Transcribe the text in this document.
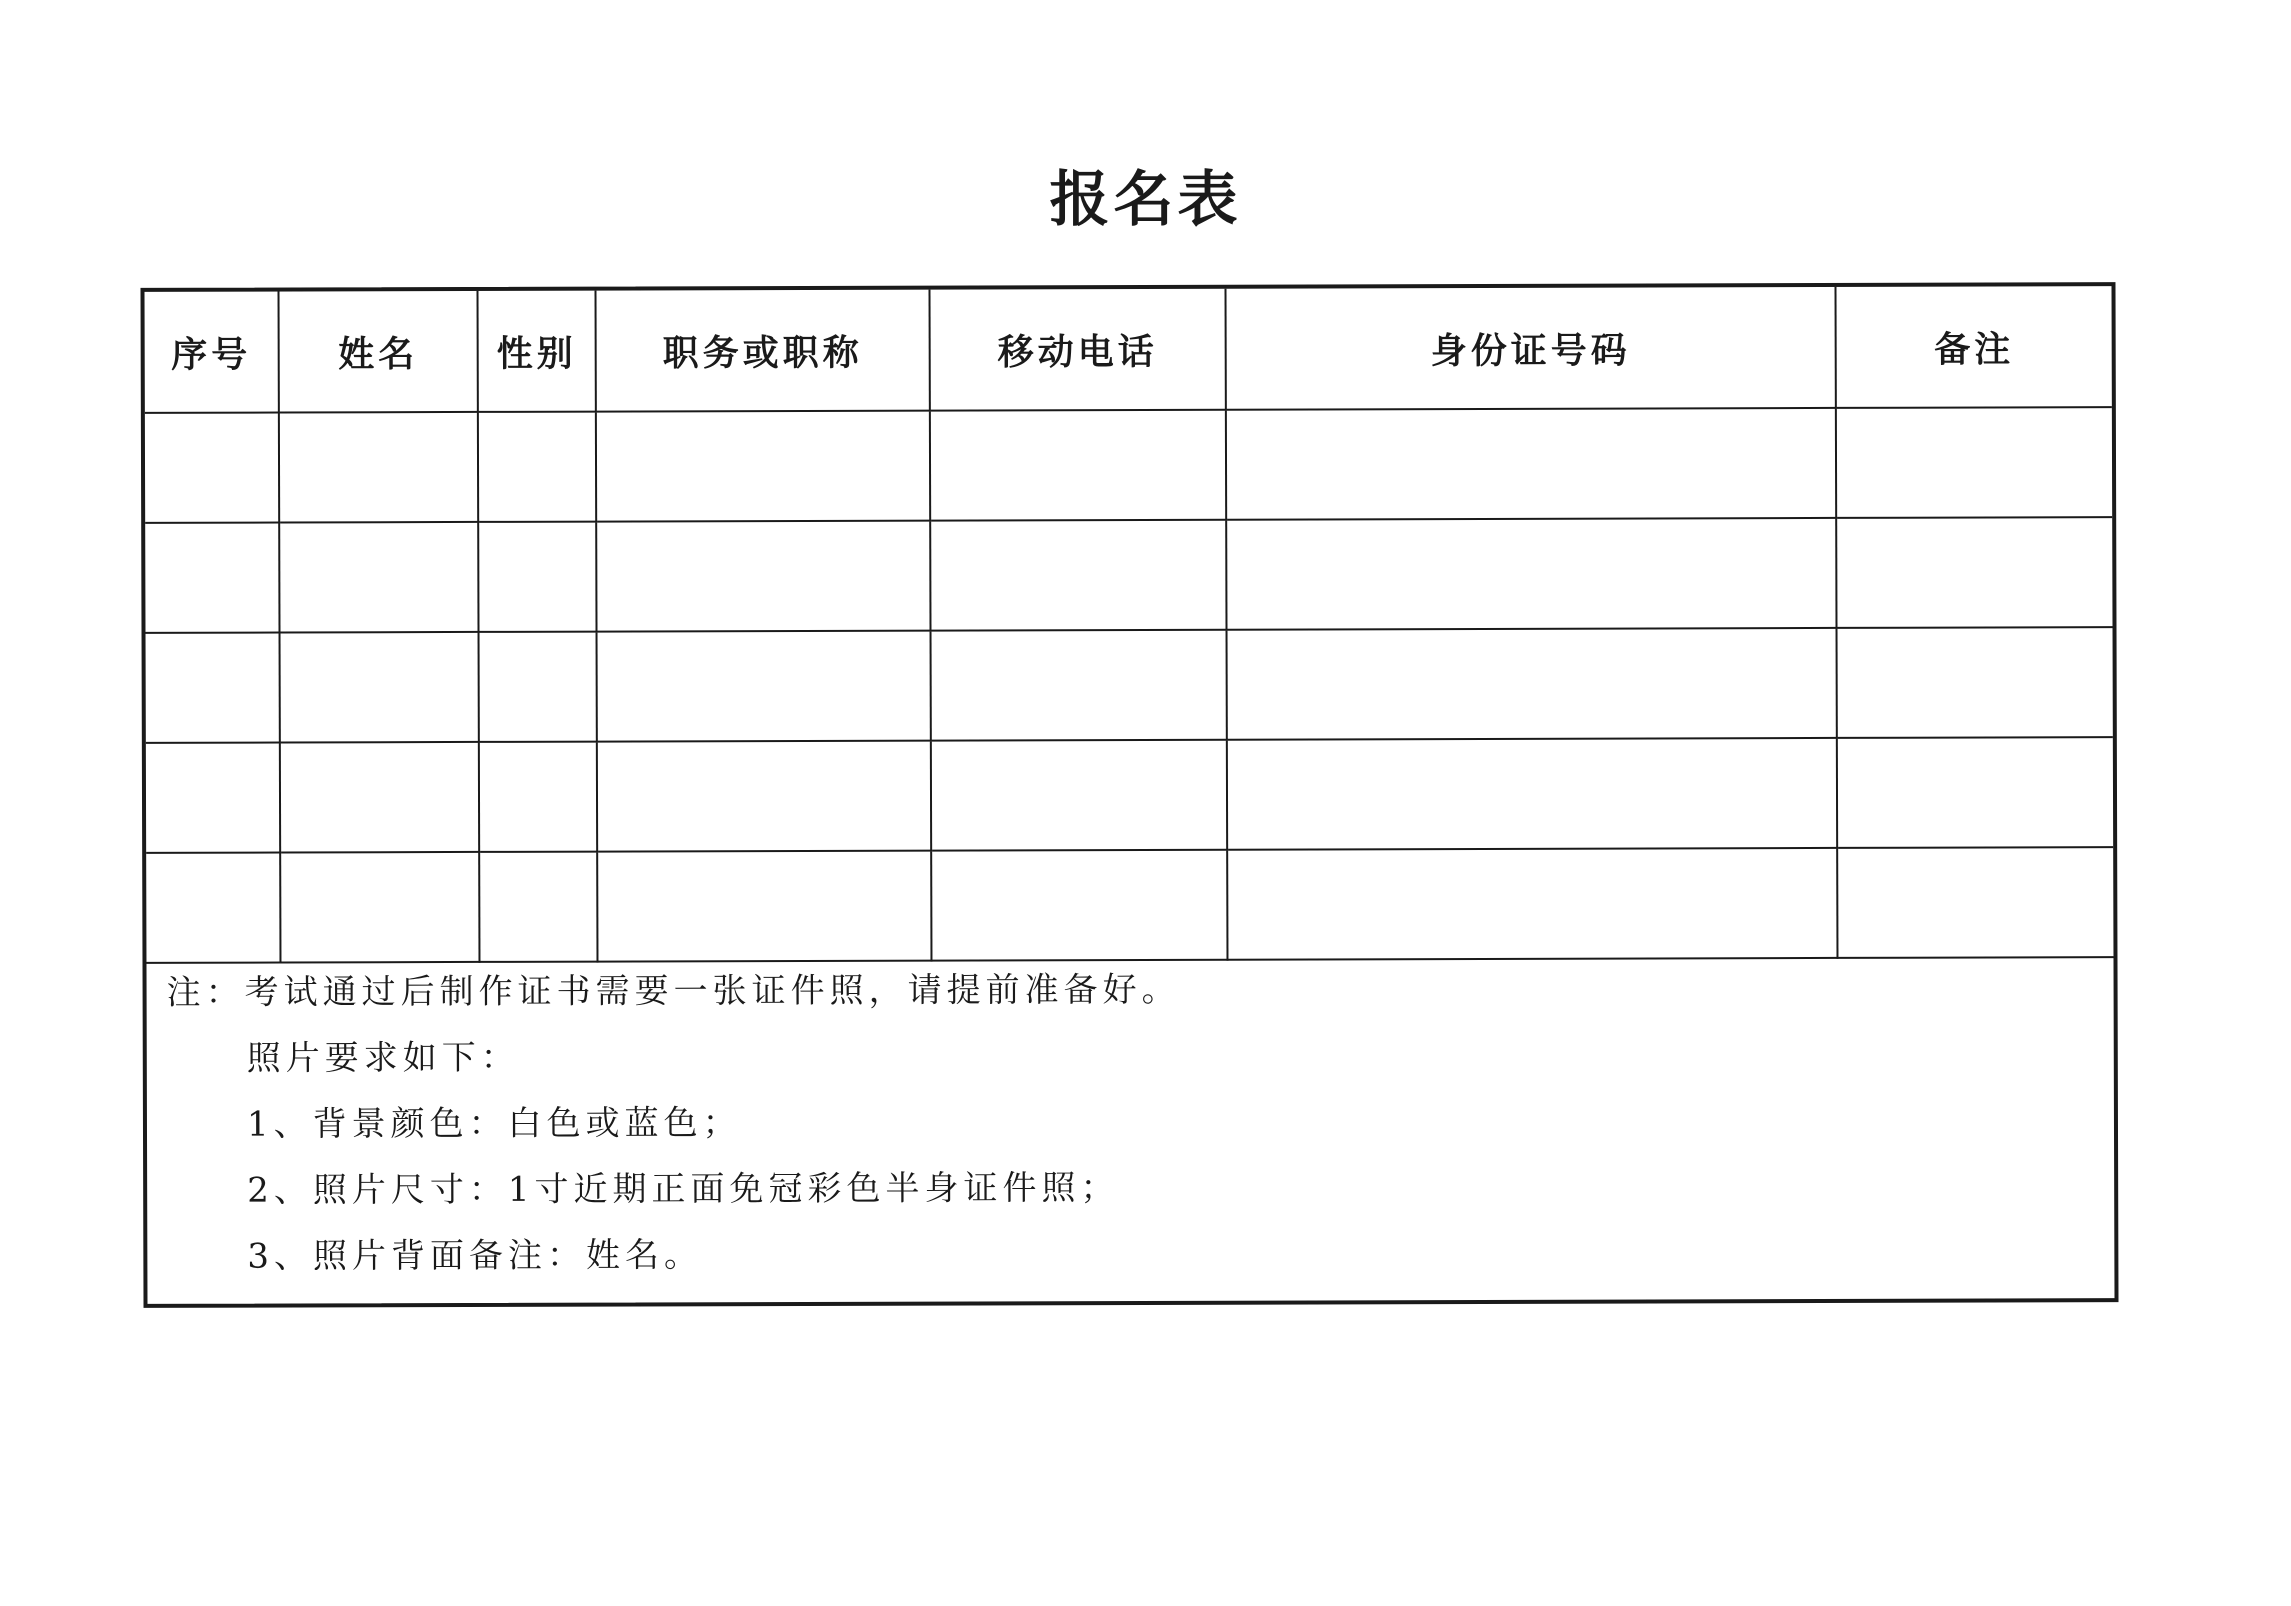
报名表
序号	姓名	性别	职务或职称	移动电话	身份证号码	备注

注：考试通过后制作证书需要一张证件照，请提前准备好。
照片要求如下：
1、背景颜色：白色或蓝色；
2、照片尺寸：1寸近期正面免冠彩色半身证件照；
3、照片背面备注：姓名。
